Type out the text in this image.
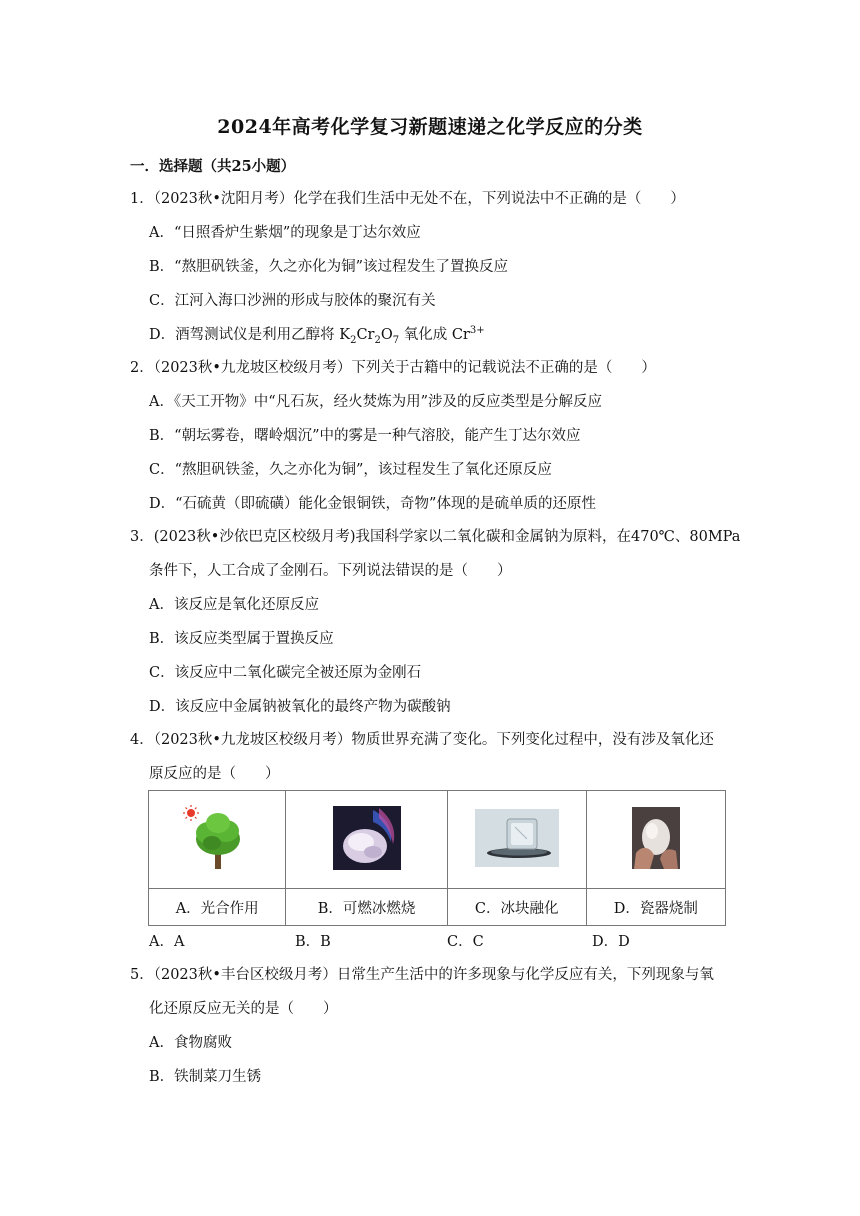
2024年高考化学复习新题速递之化学反应的分类
一．选择题（共25小题）
1．（2023秋•沈阳月考）化学在我们生活中无处不在，下列说法中不正确的是（　　）
A．“日照香炉生紫烟”的现象是丁达尔效应
B．“熬胆矾铁釜，久之亦化为铜”该过程发生了置换反应
C．江河入海口沙洲的形成与胶体的聚沉有关
D．酒驾测试仪是利用乙醇将 $K_2Cr_2O_7$ 氧化成 $Cr^{3+}$
2．（2023秋•九龙坡区校级月考）下列关于古籍中的记载说法不正确的是（　　）
A．《天工开物》中“凡石灰，经火焚炼为用”涉及的反应类型是分解反应
B．“朝坛雾卷，曙岭烟沉”中的雾是一种气溶胶，能产生丁达尔效应
C．“熬胆矾铁釜，久之亦化为铜”，该过程发生了氧化还原反应
D．“石硫黄（即硫磺）能化金银铜铁，奇物”体现的是硫单质的还原性
3．(2023秋•沙依巴克区校级月考)我国科学家以二氧化碳和金属钠为原料，在470℃、80MPa
条件下，人工合成了金刚石。下列说法错误的是（　　）
A．该反应是氧化还原反应
B．该反应类型属于置换反应
C．该反应中二氧化碳完全被还原为金刚石
D．该反应中金属钠被氧化的最终产物为碳酸钠
4．（2023秋•九龙坡区校级月考）物质世界充满了变化。下列变化过程中，没有涉及氧化还
原反应的是（　　）

A．光合作用	B．可燃冰燃烧	C．冰块融化	D．瓷器烧制
A．A	B．B	C．C	D．D
5．（2023秋•丰台区校级月考）日常生产生活中的许多现象与化学反应有关，下列现象与氧
化还原反应无关的是（　　）
A．食物腐败
B．铁制菜刀生锈
